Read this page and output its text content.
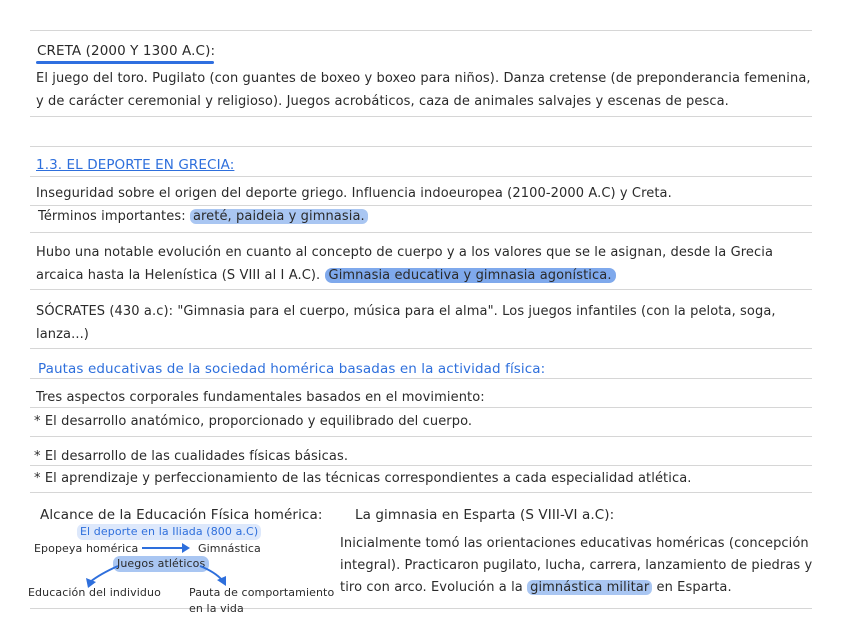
CRETA (2000 Y 1300 A.C):
El juego del toro. Pugilato (con guantes de boxeo y boxeo para niños). Danza cretense (de preponderancia femenina,
y de carácter ceremonial y religioso). Juegos acrobáticos, caza de animales salvajes y escenas de pesca.
1.3. EL DEPORTE EN GRECIA:
Inseguridad sobre el origen del deporte griego. Influencia indoeuropea (2100-2000 A.C) y Creta.
Términos importantes: areté, paideia y gimnasia.
Hubo una notable evolución en cuanto al concepto de cuerpo y a los valores que se le asignan, desde la Grecia
arcaica hasta la Helenística (S VIII al I A.C). Gimnasia educativa y gimnasia agonística.
SÓCRATES (430 a.c): "Gimnasia para el cuerpo, música para el alma". Los juegos infantiles (con la pelota, soga,
lanza...)
Pautas educativas de la sociedad homérica basadas en la actividad física:
Tres aspectos corporales fundamentales basados en el movimiento:
* El desarrollo anatómico, proporcionado y equilibrado del cuerpo.
* El desarrollo de las cualidades físicas básicas.
* El aprendizaje y perfeccionamiento de las técnicas correspondientes a cada especialidad atlética.
Alcance de la Educación Física homérica:
El deporte en la Iliada (800 a.C)
Epopeya homérica	Gimnástica
Juegos atléticos
Educación del individuo	Pauta de comportamiento
en la vida
La gimnasia en Esparta (S VIII-VI a.C):
Inicialmente tomó las orientaciones educativas homéricas (concepción
integral). Practicaron pugilato, lucha, carrera, lanzamiento de piedras y
tiro con arco. Evolución a la gimnástica militar en Esparta.
